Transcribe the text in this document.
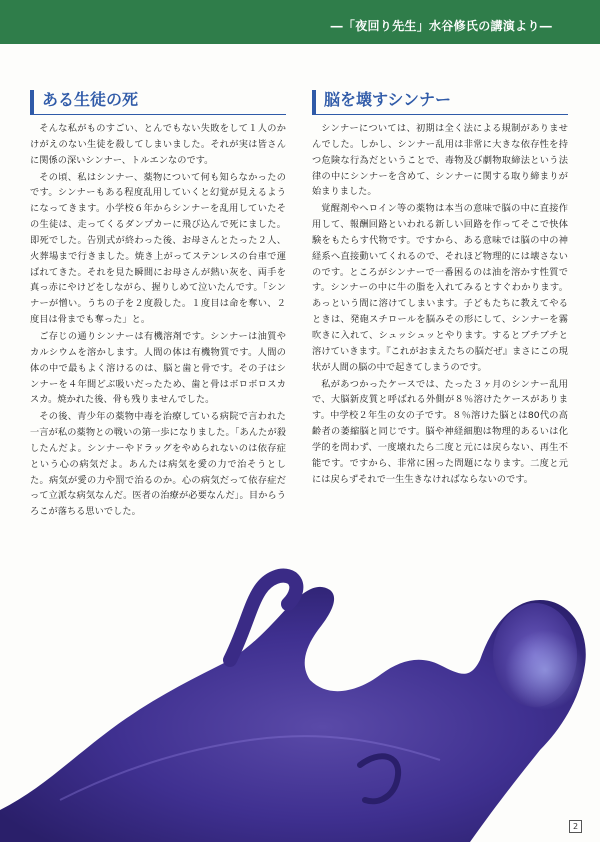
―「夜回り先生」水谷修氏の講演より―
ある生徒の死

そんな私がものすごい、とんでもない失敗をして１人のかけがえのない生徒を殺してしまいました。それが実は皆さんに関係の深いシンナー、トルエンなのです。

その頃、私はシンナー、薬物について何も知らなかったのです。シンナーもある程度乱用していくと幻覚が見えるようになってきます。小学校６年からシンナーを乱用していたその生徒は、走ってくるダンプカーに飛び込んで死にました。即死でした。告別式が終わった後、お母さんとたった２人、火葬場まで行きました。焼き上がってステンレスの台車で運ばれてきた。それを見た瞬間にお母さんが熱い灰を、両手を真っ赤にやけどをしながら、握りしめて泣いたんです。「シンナーが憎い。うちの子を２度殺した。１度目は命を奪い、２度目は骨までも奪った」と。

ご存じの通りシンナーは有機溶剤です。シンナーは油質やカルシウムを溶かします。人間の体は有機物質です。人間の体の中で最もよく溶けるのは、脳と歯と骨です。その子はシンナーを４年間どぶ吸いだったため、歯と骨はボロボロスカスカ。焼かれた後、骨も残りませんでした。

その後、青少年の薬物中毒を治療している病院で言われた一言が私の薬物との戦いの第一歩になりました。「あんたが殺したんだよ。シンナーやドラッグをやめられないのは依存症という心の病気だよ。あんたは病気を愛の力で治そうとした。病気が愛の力や罰で治るのか。心の病気だって依存症だって立派な病気なんだ。医者の治療が必要なんだ」。目からうろこが落ちる思いでした。

脳を壊すシンナー

シンナーについては、初期は全く法による規制がありませんでした。しかし、シンナー乱用は非常に大きな依存性を持つ危険な行為だということで、毒物及び劇物取締法という法律の中にシンナーを含めて、シンナーに関する取り締まりが始まりました。

覚醒剤やヘロイン等の薬物は本当の意味で脳の中に直接作用して、報酬回路といわれる新しい回路を作ってそこで快体験をもたらす代物です。ですから、ある意味では脳の中の神経系へ直接動いてくれるので、それほど物理的には壊さないのです。ところがシンナーで一番困るのは油を溶かす性質です。シンナーの中に牛の脂を入れてみるとすぐわかります。あっという間に溶けてしまいます。子どもたちに教えてやるときは、発砲スチロールを脳みその形にして、シンナーを霧吹きに入れて、シュッシュッとやります。するとブチブチと溶けていきます。『これがおまえたちの脳だぜ』まさにこの現状が人間の脳の中で起きてしまうのです。

私があつかったケースでは、たった３ヶ月のシンナー乱用で、大脳新皮質と呼ばれる外側が８％溶けたケースがあります。中学校２年生の女の子です。８％溶けた脳とは80代の高齢者の萎縮脳と同じです。脳や神経細胞は物理的あるいは化学的を問わず、一度壊れたら二度と元には戻らない、再生不能です。ですから、非常に困った問題になります。二度と元には戻らずそれで一生生きなければならないのです。

2
